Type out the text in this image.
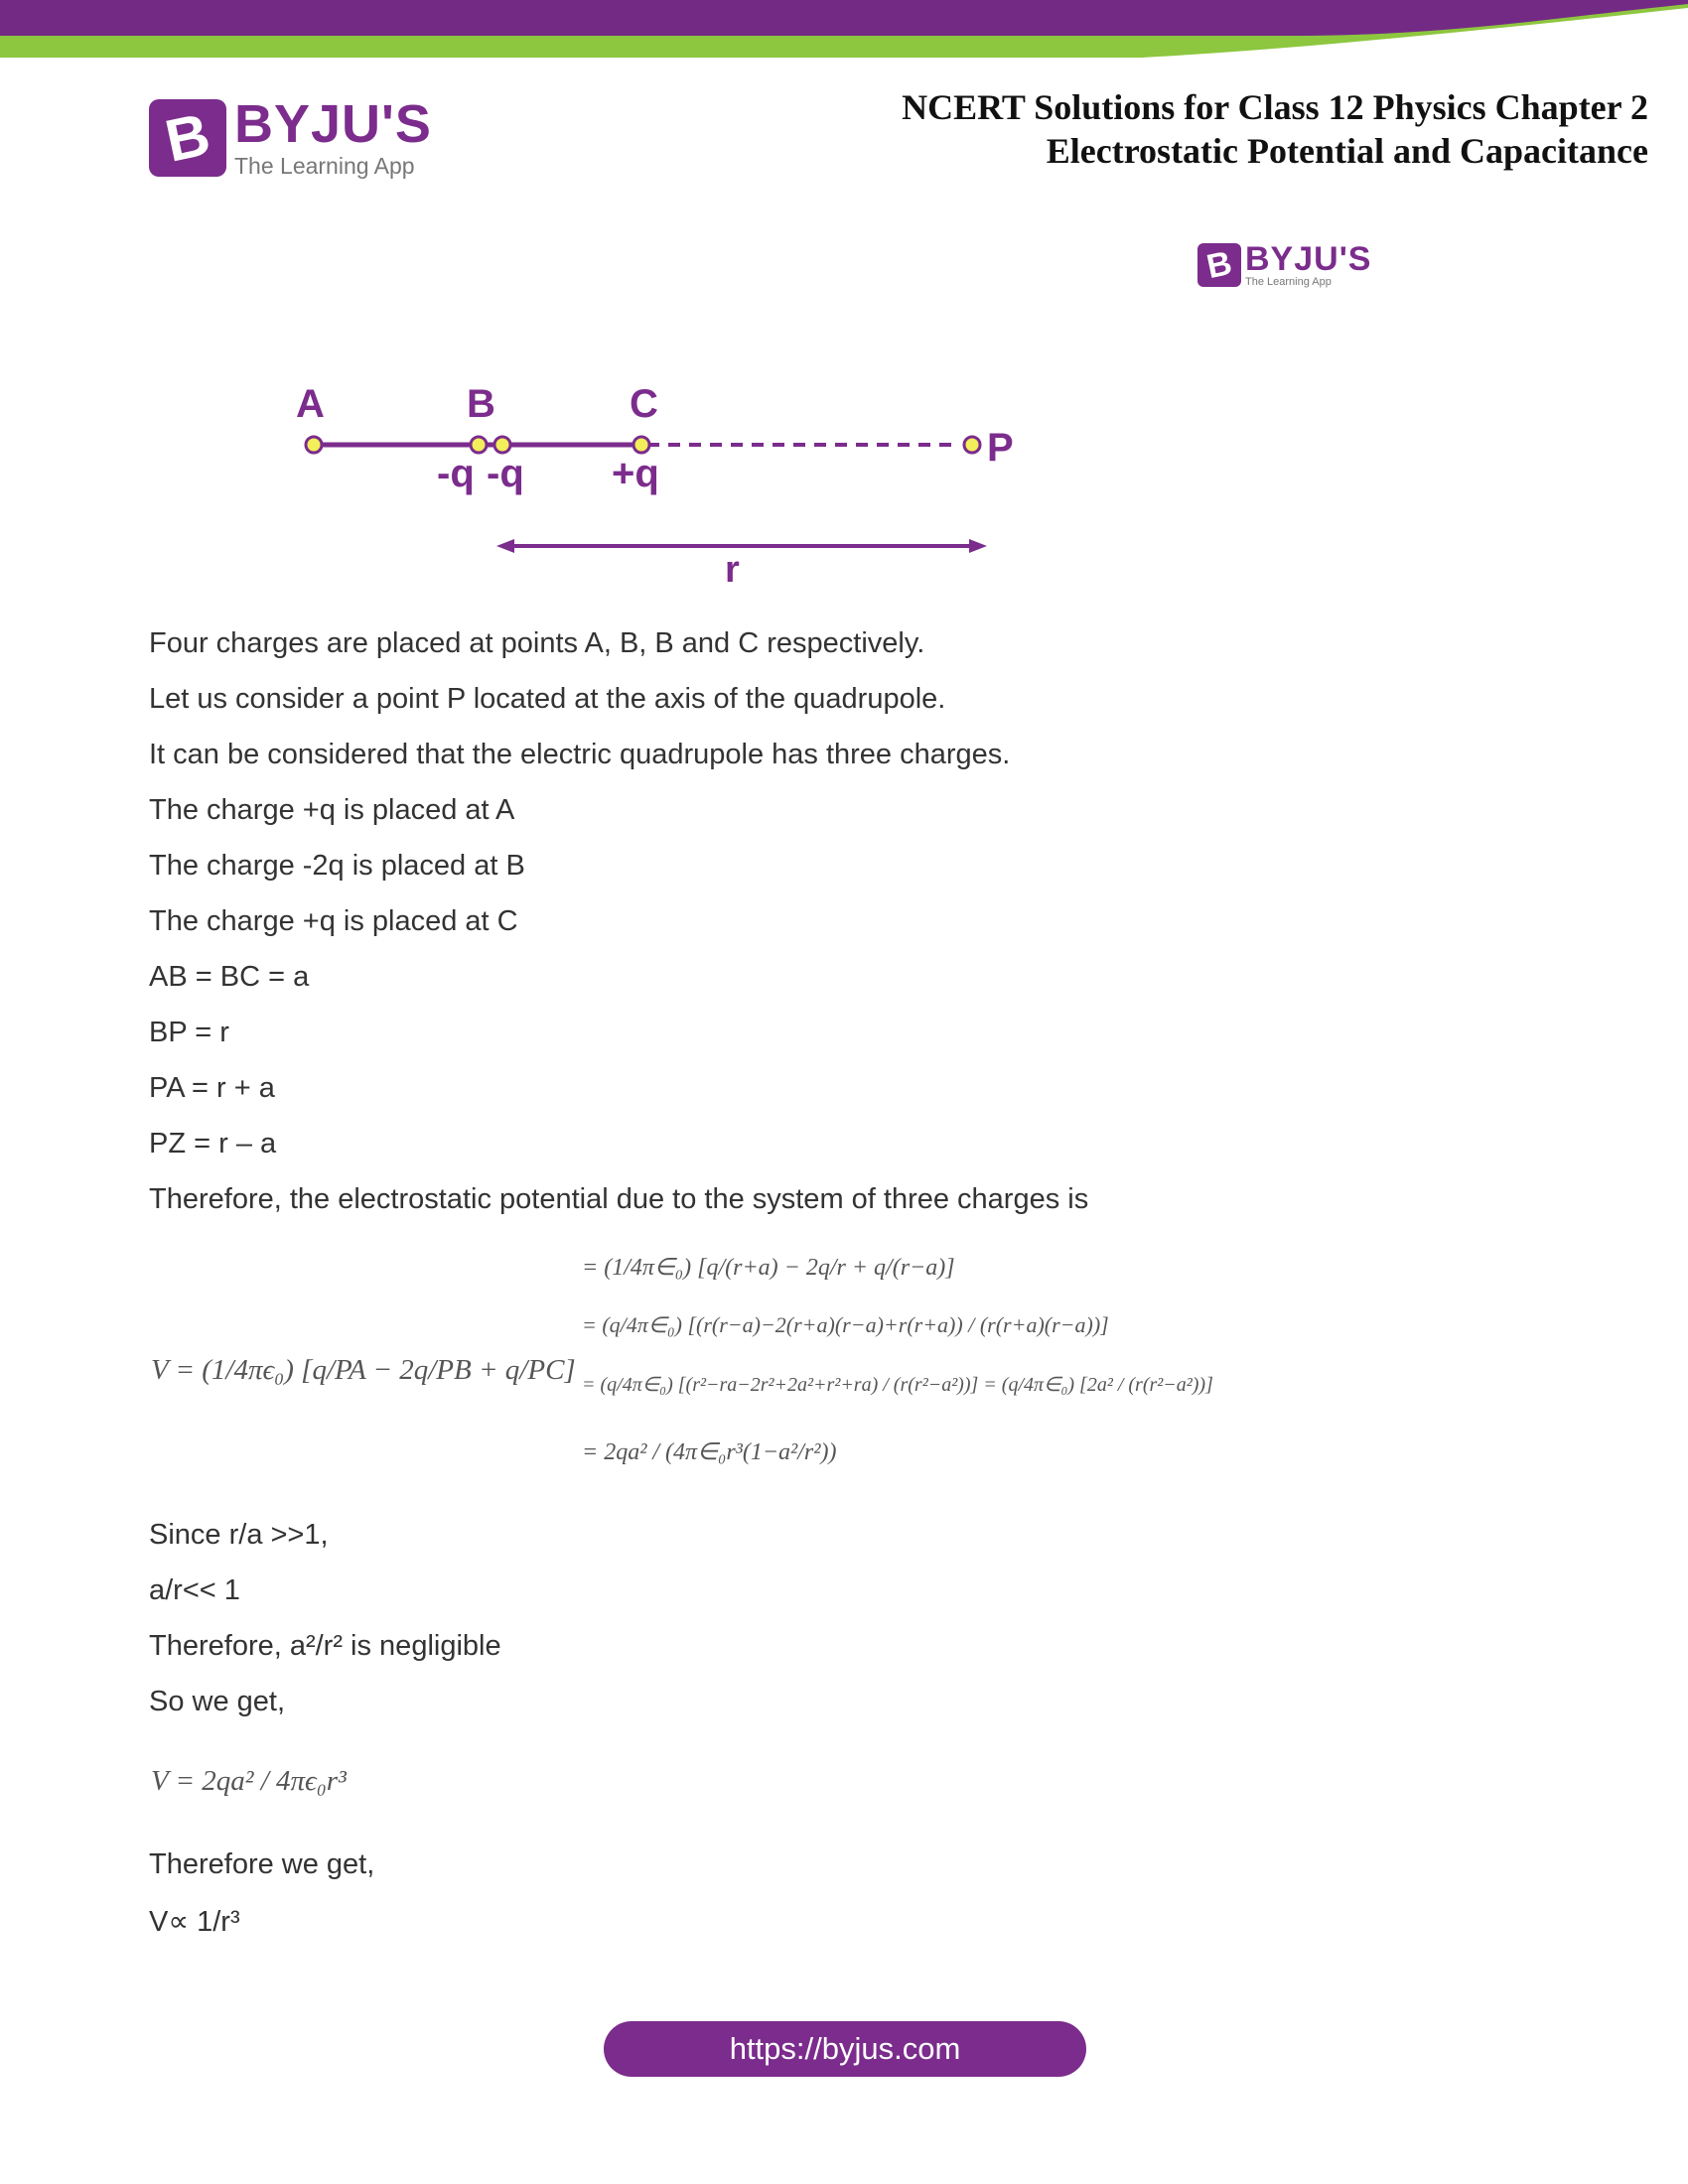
B BYJU'S
The Learning App
NCERT Solutions for Class 12 Physics Chapter 2
Electrostatic Potential and Capacitance
B BYJU'S
The Learning App
A	B	C
P
-q -q +q
r
Four charges are placed at points A, B, B and C respectively.
Let us consider a point P located at the axis of the quadrupole.
It can be considered that the electric quadrupole has three charges.
The charge +q is placed at A
The charge -2q is placed at B
The charge +q is placed at C
AB = BC = a
BP = r
PA = r + a
PZ = r – a
Therefore, the electrostatic potential due to the system of three charges is
V = (1/4πϵ₀) [q/PA − 2q/PB + q/PC]
= (1/4π∈₀) [q/(r+a) − 2q/r + q/(r−a)]
= (q/4π∈₀) [(r(r−a)−2(r+a)(r−a)+r(r+a)) / (r(r+a)(r−a))]
= (q/4π∈₀) [(r²−ra−2r²+2a²+r²+ra) / (r(r²−a²))] = (q/4π∈₀) [2a² / (r(r²−a²))]
= 2qa² / (4π∈₀r³(1−a²/r²))
Since r/a >>1,
a/r<< 1
Therefore, a²/r² is negligible
So we get,
V = 2qa² / 4πϵ₀r³
Therefore we get,
V∝ 1/r³
https://byjus.com
